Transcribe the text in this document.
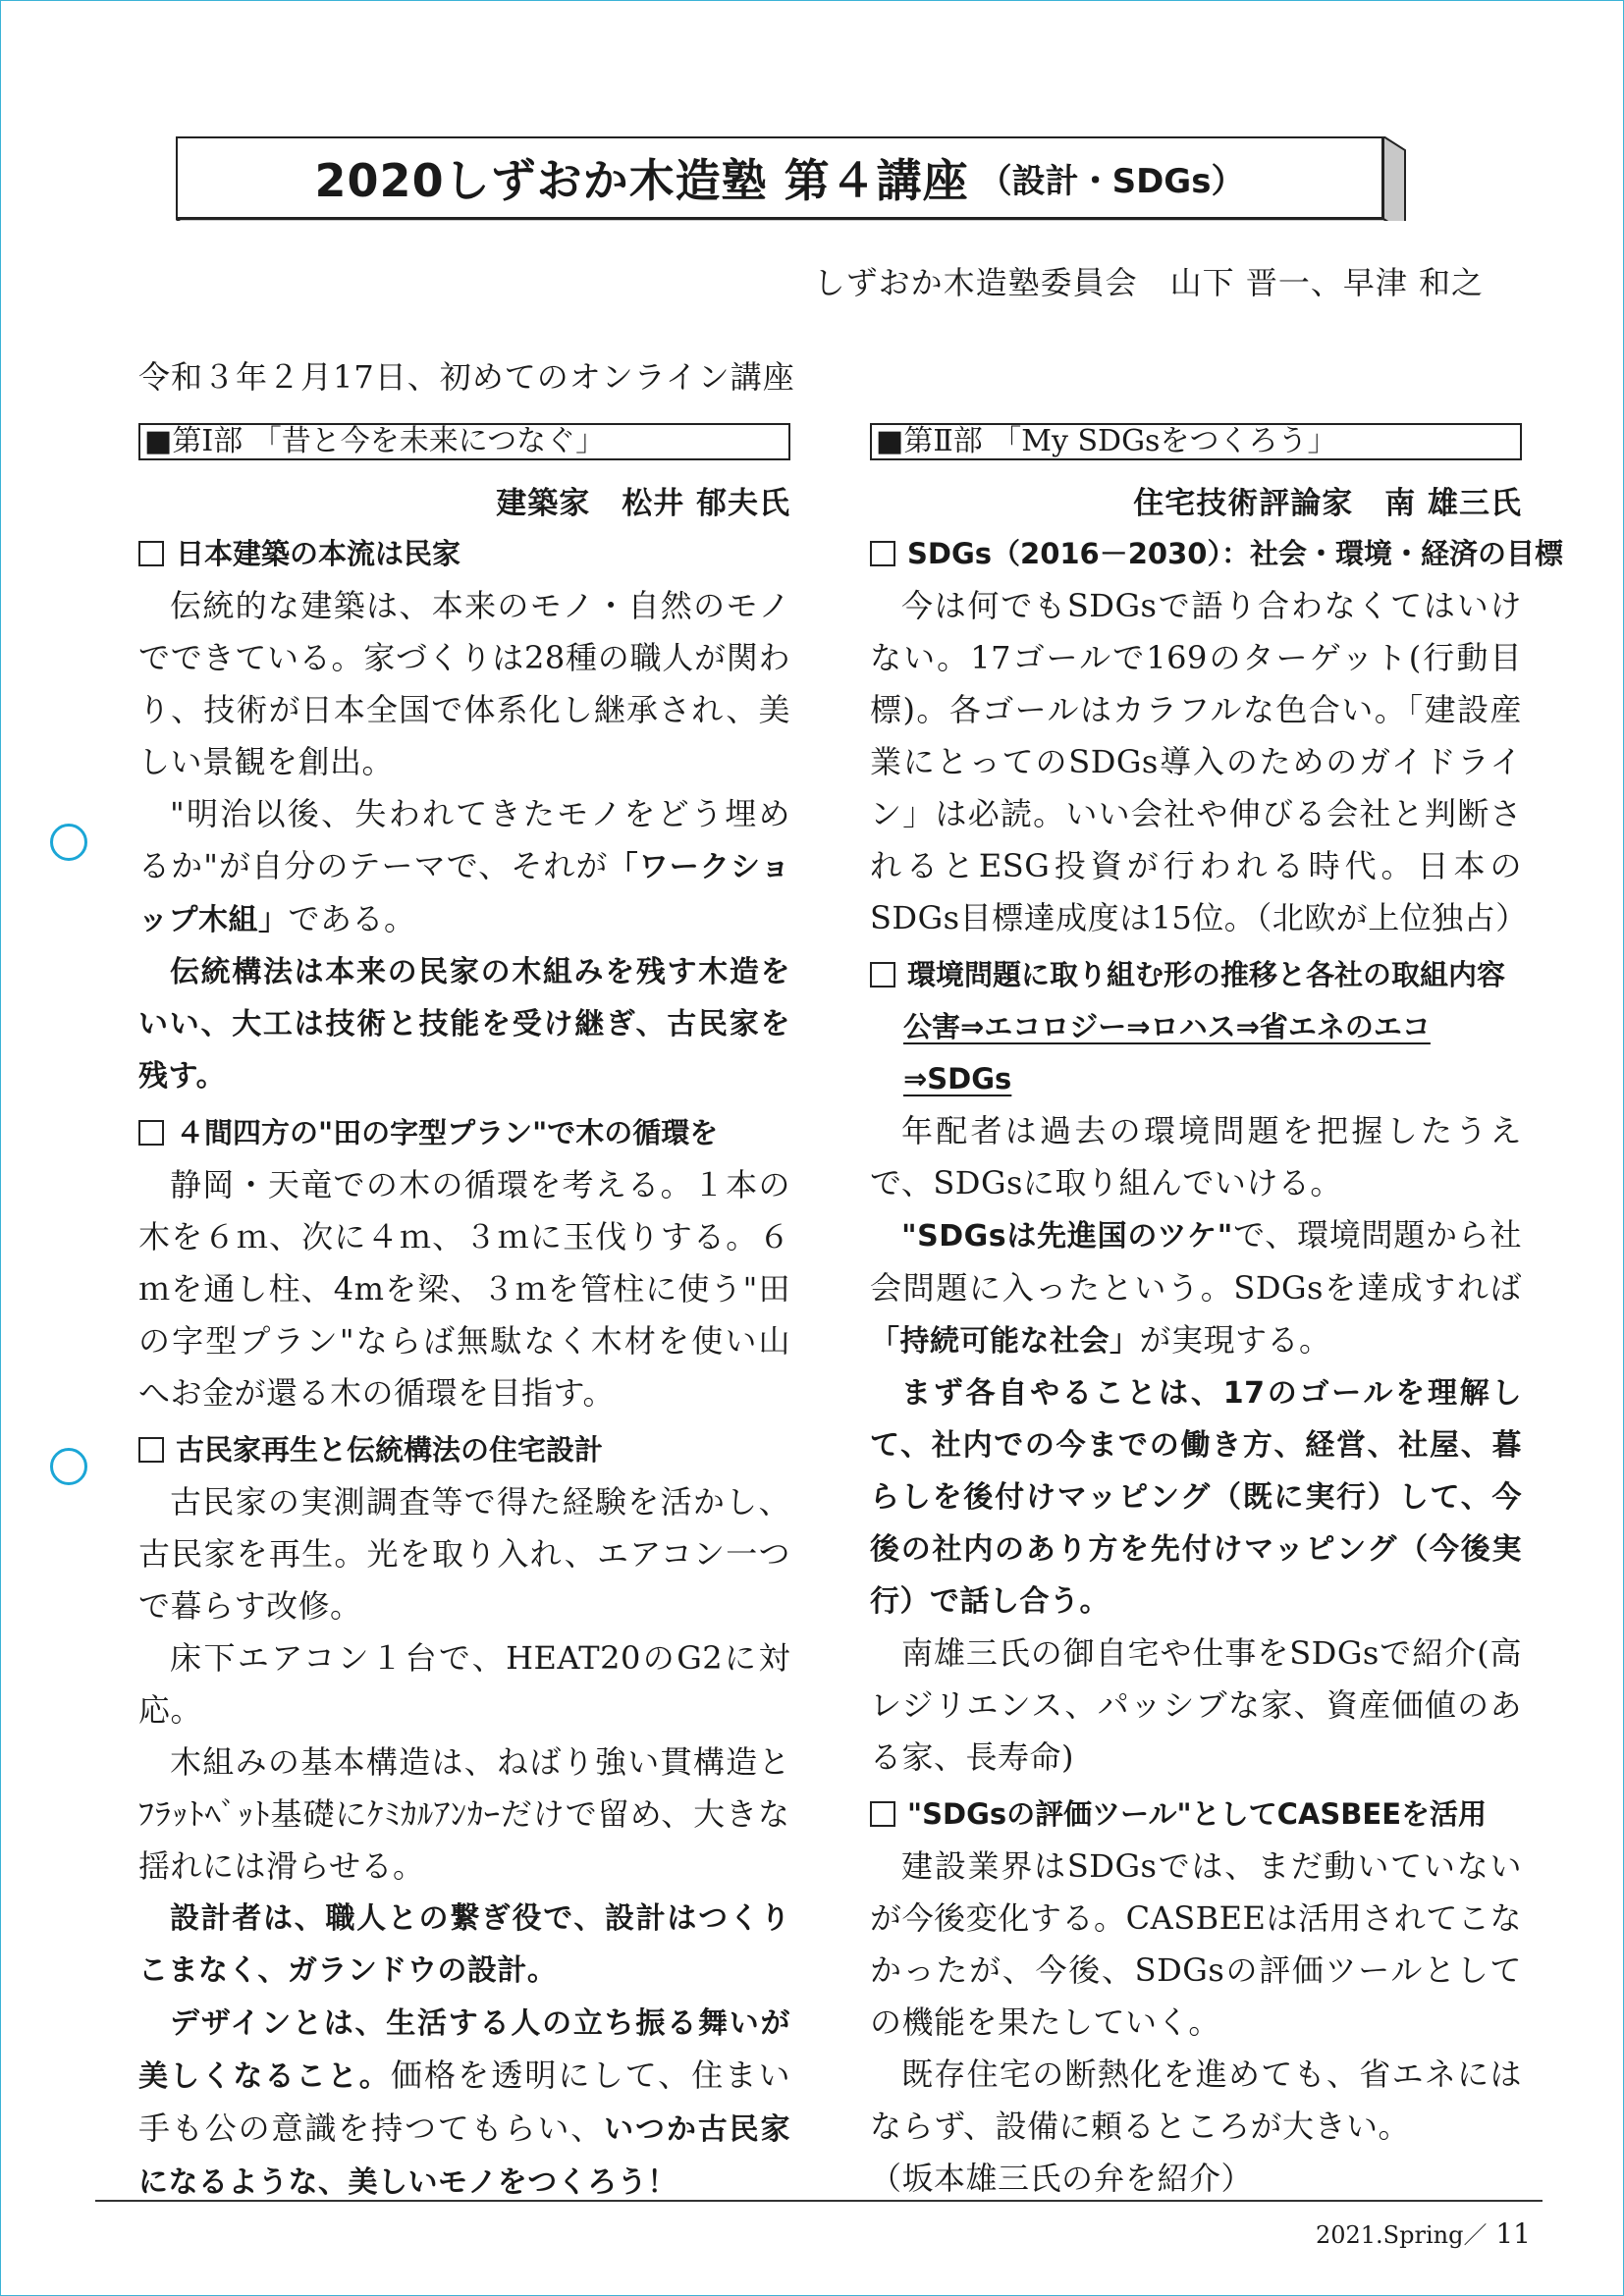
2020しずおか木造塾 第４講座 （設計・SDGs）
しずおか木造塾委員会　山下 晋一、早津 和之
令和３年２月17日、初めてのオンライン講座
■第Ⅰ部 「昔と今を未来につなぐ」
建築家　松井 郁夫氏
日本建築の本流は民家
伝統的な建築は、本来のモノ・自然のモノでできている。家づくりは28種の職人が関わり、技術が日本全国で体系化し継承され、美しい景観を創出。
"明治以後、失われてきたモノをどう埋めるか"が自分のテーマで、それが「ワークショップ木組」である。
伝統構法は本来の民家の木組みを残す木造をいい、大工は技術と技能を受け継ぎ、古民家を残す。
４間四方の"田の字型プラン"で木の循環を
静岡・天竜での木の循環を考える。１本の木を６ｍ、次に４ｍ、３ｍに玉伐りする。６ｍを通し柱、4mを梁、３ｍを管柱に使う"田の字型プラン"ならば無駄なく木材を使い山へお金が還る木の循環を目指す。
古民家再生と伝統構法の住宅設計
古民家の実測調査等で得た経験を活かし、古民家を再生。光を取り入れ、エアコン一つで暮らす改修。
床下エアコン１台で、HEAT20のG2に対応。
木組みの基本構造は、ねばり強い貫構造とﾌﾗｯﾄﾍﾞｯﾄ基礎にｹﾐｶﾙｱﾝｶｰだけで留め、大きな揺れには滑らせる。
設計者は、職人との繋ぎ役で、設計はつくりこまなく、ガランドウの設計。
デザインとは、生活する人の立ち振る舞いが美しくなること。価格を透明にして、住まい手も公の意識を持つてもらい、いつか古民家になるような、美しいモノをつくろう！
■第Ⅱ部 「My SDGsをつくろう」
住宅技術評論家　南 雄三氏
SDGs（2016－2030）：社会・環境・経済の目標
今は何でもSDGsで語り合わなくてはいけない。17ゴールで169のターゲット(行動目標)。各ゴールはカラフルな色合い。「建設産業にとってのSDGs導入のためのガイドライン」は必読。いい会社や伸びる会社と判断されるとESG投資が行われる時代。日本のSDGs目標達成度は15位。（北欧が上位独占）
環境問題に取り組む形の推移と各社の取組内容
公害⇒エコロジー⇒ロハス⇒省エネのエコ
⇒SDGs
年配者は過去の環境問題を把握したうえで、SDGsに取り組んでいける。
"SDGsは先進国のツケ"で、環境問題から社会問題に入ったという。SDGsを達成すれば「持続可能な社会」が実現する。
まず各自やることは、17のゴールを理解して、社内での今までの働き方、経営、社屋、暮らしを後付けマッピング（既に実行）して、今後の社内のあり方を先付けマッピング（今後実行）で話し合う。
南雄三氏の御自宅や仕事をSDGsで紹介(高レジリエンス、パッシブな家、資産価値のある家、長寿命)
"SDGsの評価ツール"としてCASBEEを活用
建設業界はSDGsでは、まだ動いていないが今後変化する。CASBEEは活用されてこなかったが、今後、SDGsの評価ツールとしての機能を果たしていく。
既存住宅の断熱化を進めても、省エネにはならず、設備に頼るところが大きい。
（坂本雄三氏の弁を紹介）
2021.Spring／ 11
